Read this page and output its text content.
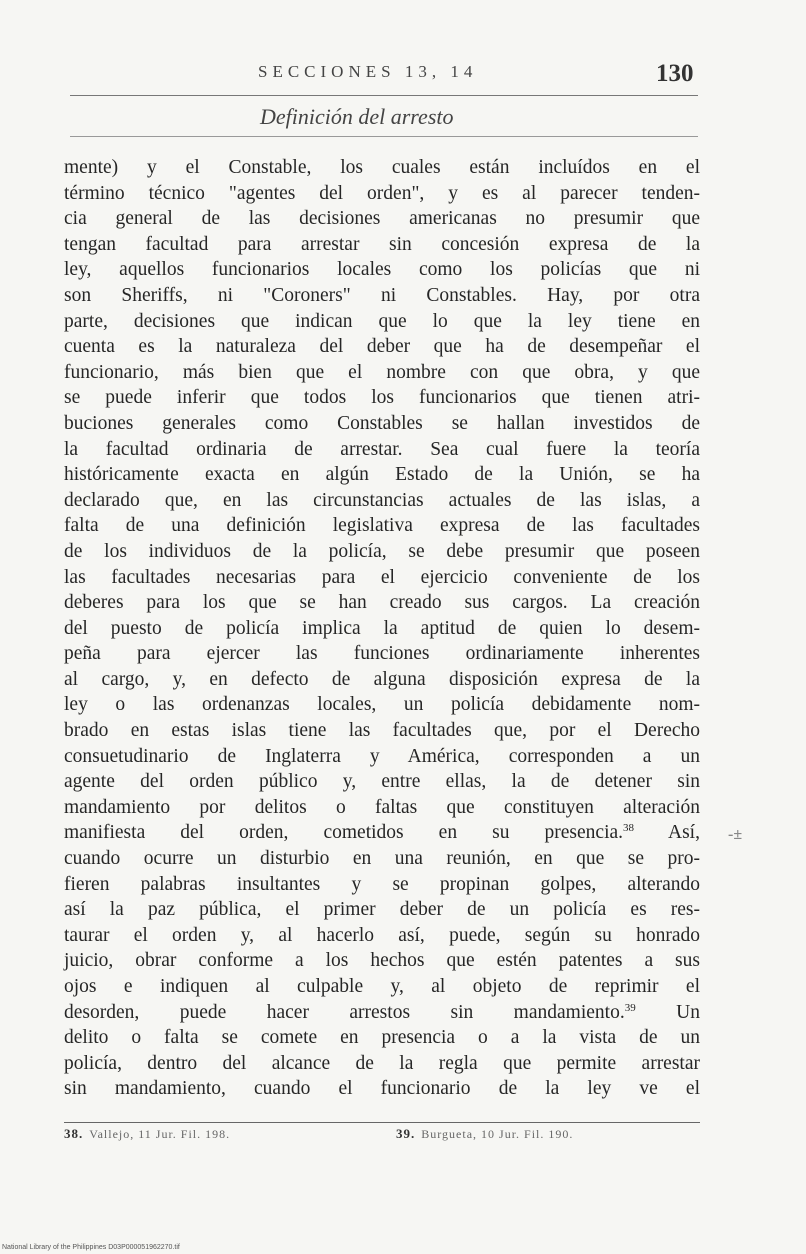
SECCIONES 13, 14	130
Definición del arresto
mente) y el Constable, los cuales están incluídos en el
término técnico "agentes del orden", y es al parecer tenden-
cia general de las decisiones americanas no presumir que
tengan facultad para arrestar sin concesión expresa de la
ley, aquellos funcionarios locales como los policías que ni
son Sheriffs, ni "Coroners" ni Constables. Hay, por otra
parte, decisiones que indican que lo que la ley tiene en
cuenta es la naturaleza del deber que ha de desempeñar el
funcionario, más bien que el nombre con que obra, y que
se puede inferir que todos los funcionarios que tienen atri-
buciones generales como Constables se hallan investidos de
la facultad ordinaria de arrestar. Sea cual fuere la teoría
históricamente exacta en algún Estado de la Unión, se ha
declarado que, en las circunstancias actuales de las islas, a
falta de una definición legislativa expresa de las facultades
de los individuos de la policía, se debe presumir que poseen
las facultades necesarias para el ejercicio conveniente de los
deberes para los que se han creado sus cargos. La creación
del puesto de policía implica la aptitud de quien lo desem-
peña para ejercer las funciones ordinariamente inherentes
al cargo, y, en defecto de alguna disposición expresa de la
ley o las ordenanzas locales, un policía debidamente nom-
brado en estas islas tiene las facultades que, por el Derecho
consuetudinario de Inglaterra y América, corresponden a un
agente del orden público y, entre ellas, la de detener sin
mandamiento por delitos o faltas que constituyen alteración
manifiesta del orden, cometidos en su presencia.$^{38}$ Así,
cuando ocurre un disturbio en una reunión, en que se pro-
fieren palabras insultantes y se propinan golpes, alterando
así la paz pública, el primer deber de un policía es res-
taurar el orden y, al hacerlo así, puede, según su honrado
juicio, obrar conforme a los hechos que estén patentes a sus
ojos e indiquen al culpable y, al objeto de reprimir el
desorden, puede hacer arrestos sin mandamiento.$^{39}$ Un
delito o falta se comete en presencia o a la vista de un
policía, dentro del alcance de la regla que permite arrestar
sin mandamiento, cuando el funcionario de la ley ve el
-±
38. Vallejo, 11 Jur. Fil. 198.	39. Burgueta, 10 Jur. Fil. 190.
National Library of the Philippines D03P000051962270.tif
